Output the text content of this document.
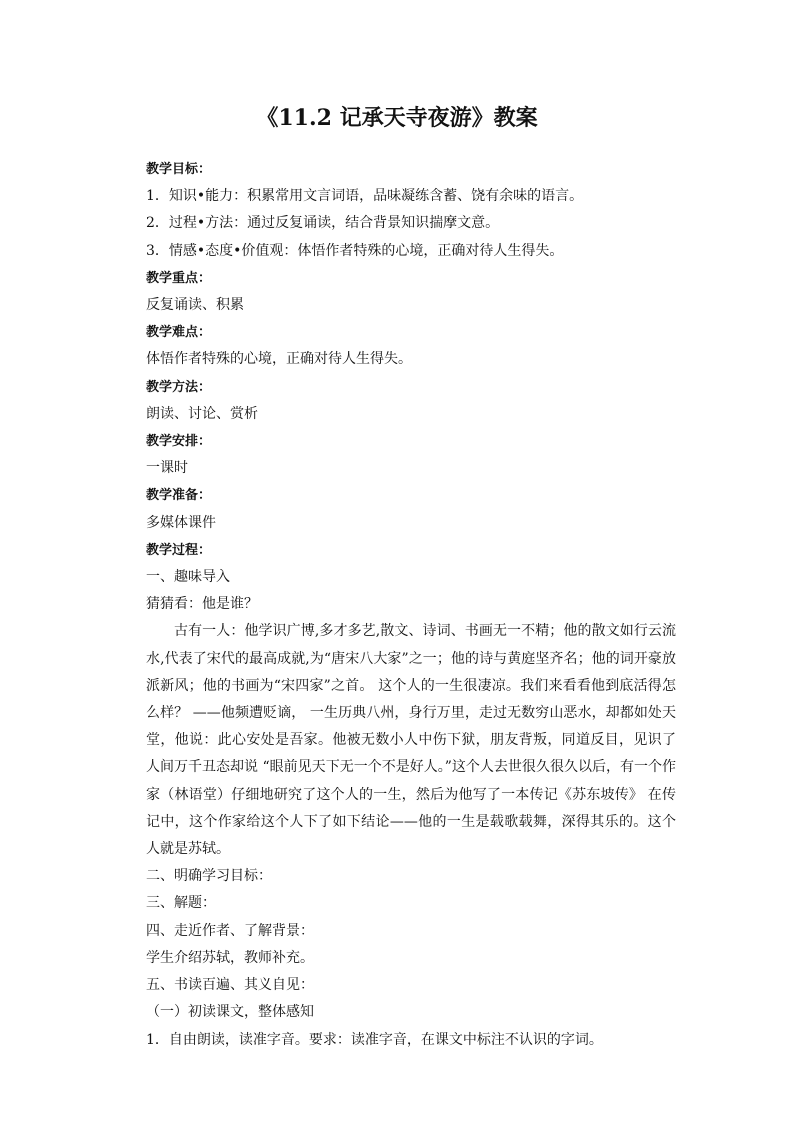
《11.2 记承天寺夜游》教案

教学目标：

1．知识•能力：积累常用文言词语，品味凝练含蓄、饶有余味的语言。

2．过程•方法：通过反复诵读，结合背景知识揣摩文意。

3．情感•态度•价值观：体悟作者特殊的心境，正确对待人生得失。

教学重点：

反复诵读、积累

教学难点：

体悟作者特殊的心境，正确对待人生得失。

教学方法：

朗读、讨论、赏析

教学安排：

一课时

教学准备：

多媒体课件

教学过程：

一、趣味导入

猜猜看：他是谁？

古有一人：他学识广博,多才多艺,散文、诗词、书画无一不精；他的散文如行云流水,代表了宋代的最高成就,为“唐宋八大家”之一；他的诗与黄庭坚齐名；他的词开豪放派新风；他的书画为“宋四家”之首。 这个人的一生很凄凉。我们来看看他到底活得怎么样？ ——他频遭贬谪， 一生历典八州，身行万里，走过无数穷山恶水，却都如处天堂，他说：此心安处是吾家。他被无数小人中伤下狱，朋友背叛，同道反目，见识了人间万千丑态却说 “眼前见天下无一个不是好人。”这个人去世很久很久以后，有一个作家（林语堂）仔细地研究了这个人的一生，然后为他写了一本传记《苏东坡传》 在传记中，这个作家给这个人下了如下结论——他的一生是载歌载舞，深得其乐的。这个人就是苏轼。

二、明确学习目标：

三、解题：

四、走近作者、了解背景：

学生介绍苏轼，教师补充。

五、书读百遍、其义自见：

（一）初读课文，整体感知

1．自由朗读，读准字音。要求：读准字音，在课文中标注不认识的字词。
